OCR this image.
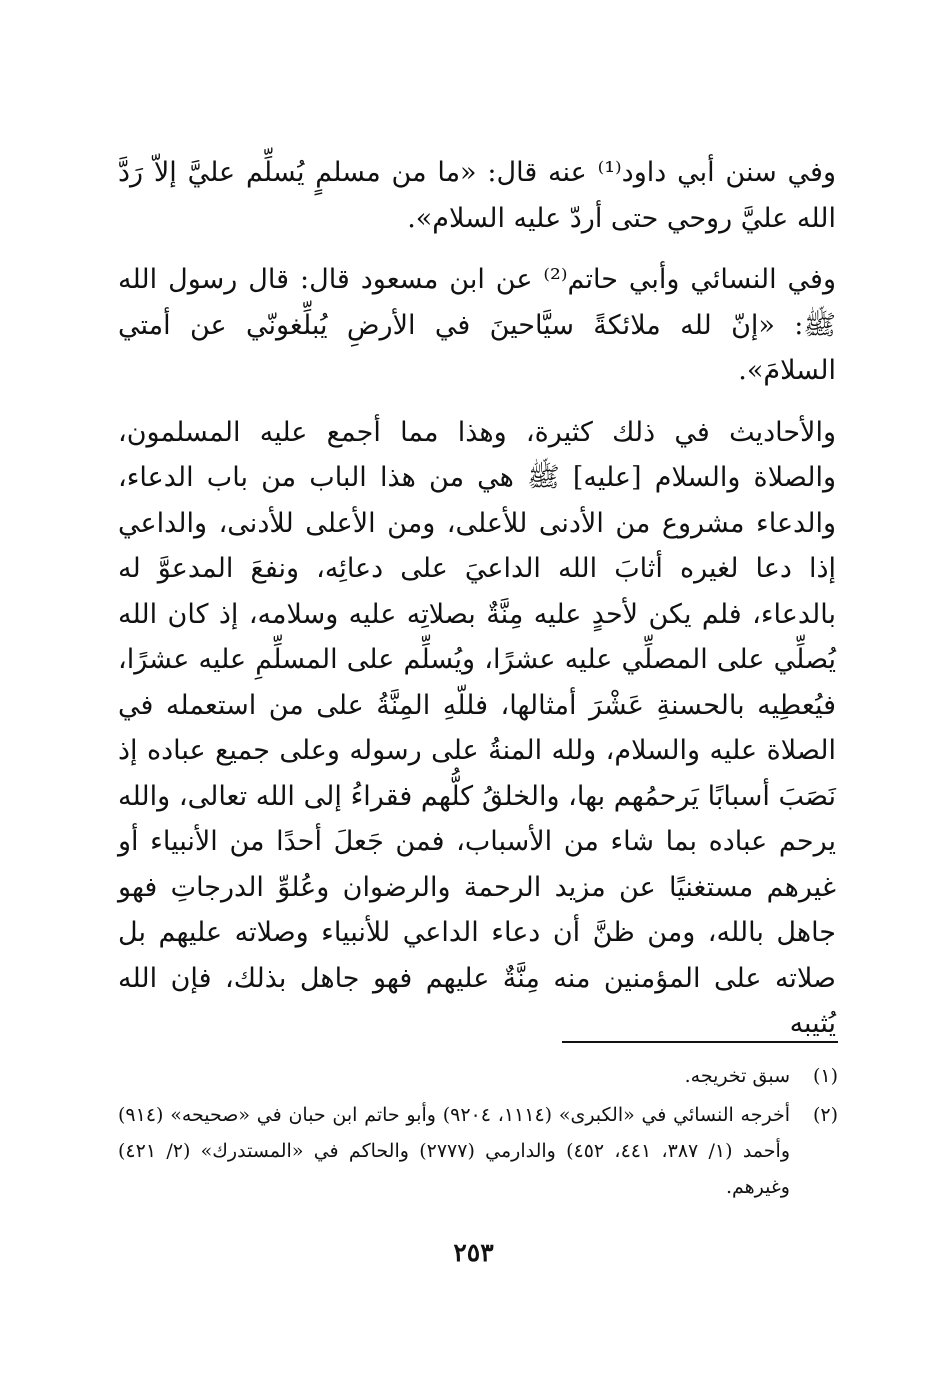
وفي سنن أبي داود⁽¹⁾ عنه قال: «ما من مسلمٍ يُسلِّم عليَّ إلاّ رَدَّ الله عليَّ روحي حتى أردّ عليه السلام».

وفي النسائي وأبي حاتم⁽²⁾ عن ابن مسعود قال: قال رسول الله ﷺ: «إنّ لله ملائكةً سيَّاحينَ في الأرضِ يُبلِّغونّي عن أمتي السلامَ».

والأحاديث في ذلك كثيرة، وهذا مما أجمع عليه المسلمون، والصلاة والسلام [عليه] ﷺ هي من هذا الباب من باب الدعاء، والدعاء مشروع من الأدنى للأعلى، ومن الأعلى للأدنى، والداعي إذا دعا لغيره أثابَ الله الداعيَ على دعائِه، ونفعَ المدعوَّ له بالدعاء، فلم يكن لأحدٍ عليه مِنَّةٌ بصلاتِه عليه وسلامه، إذ كان الله يُصلِّي على المصلِّي عليه عشرًا، ويُسلِّم على المسلِّمِ عليه عشرًا، فيُعطِيه بالحسنةِ عَشْرَ أمثالها، فللّهِ المِنَّةُ على من استعمله في الصلاة عليه والسلام، ولله المنةُ على رسوله وعلى جميع عباده إذ نَصَبَ أسبابًا يَرحمُهم بها، والخلقُ كلُّهم فقراءُ إلى الله تعالى، والله يرحم عباده بما شاء من الأسباب، فمن جَعلَ أحدًا من الأنبياء أو غيرهم مستغنيًا عن مزيد الرحمة والرضوان وعُلوِّ الدرجاتِ فهو جاهل بالله، ومن ظنَّ أن دعاء الداعي للأنبياء وصلاته عليهم بل صلاته على المؤمنين منه مِنَّةٌ عليهم فهو جاهل بذلك، فإن الله يُثيبه

(١)
سبق تخريجه.
(٢)
أخرجه النسائي في «الكبرى» (١١١٤، ٩٢٠٤) وأبو حاتم ابن حبان في «صحيحه» (٩١٤) وأحمد (١/ ٣٨٧، ٤٤١، ٤٥٢) والدارمي (٢٧٧٧) والحاكم في «المستدرك» (٢/ ٤٢١) وغيرهم.
٢٥٣
